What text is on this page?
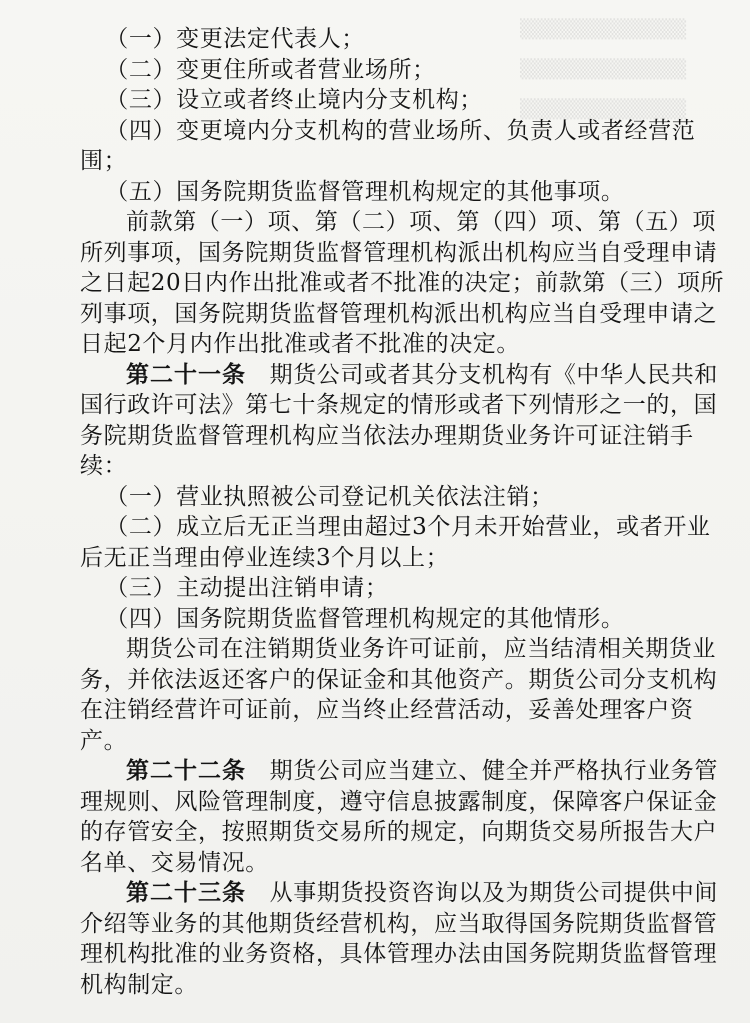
▒▒▒▒▒▒▒▒▒▒▒▒
▒▒▒▒▒▒▒▒▒▒▒▒
▒▒▒▒▒▒▒▒▒▒▒▒

（一）变更法定代表人；

（二）变更住所或者营业场所；

（三）设立或者终止境内分支机构；

（四）变更境内分支机构的营业场所、负责人或者经营范围；

（五）国务院期货监督管理机构规定的其他事项。

前款第（一）项、第（二）项、第（四）项、第（五）项所列事项，国务院期货监督管理机构派出机构应当自受理申请之日起20日内作出批准或者不批准的决定；前款第（三）项所列事项，国务院期货监督管理机构派出机构应当自受理申请之日起2个月内作出批准或者不批准的决定。

第二十一条　 期货公司或者其分支机构有《中华人民共和国行政许可法》第七十条规定的情形或者下列情形之一的，国务院期货监督管理机构应当依法办理期货业务许可证注销手续：

（一）营业执照被公司登记机关依法注销；

（二）成立后无正当理由超过3个月未开始营业，或者开业后无正当理由停业连续3个月以上；

（三）主动提出注销申请；

（四）国务院期货监督管理机构规定的其他情形。

期货公司在注销期货业务许可证前，应当结清相关期货业务，并依法返还客户的保证金和其他资产。期货公司分支机构在注销经营许可证前，应当终止经营活动，妥善处理客户资产。

第二十二条　 期货公司应当建立、健全并严格执行业务管理规则、风险管理制度，遵守信息披露制度，保障客户保证金的存管安全，按照期货交易所的规定，向期货交易所报告大户名单、交易情况。

第二十三条　 从事期货投资咨询以及为期货公司提供中间介绍等业务的其他期货经营机构，应当取得国务院期货监督管理机构批准的业务资格，具体管理办法由国务院期货监督管理机构制定。
